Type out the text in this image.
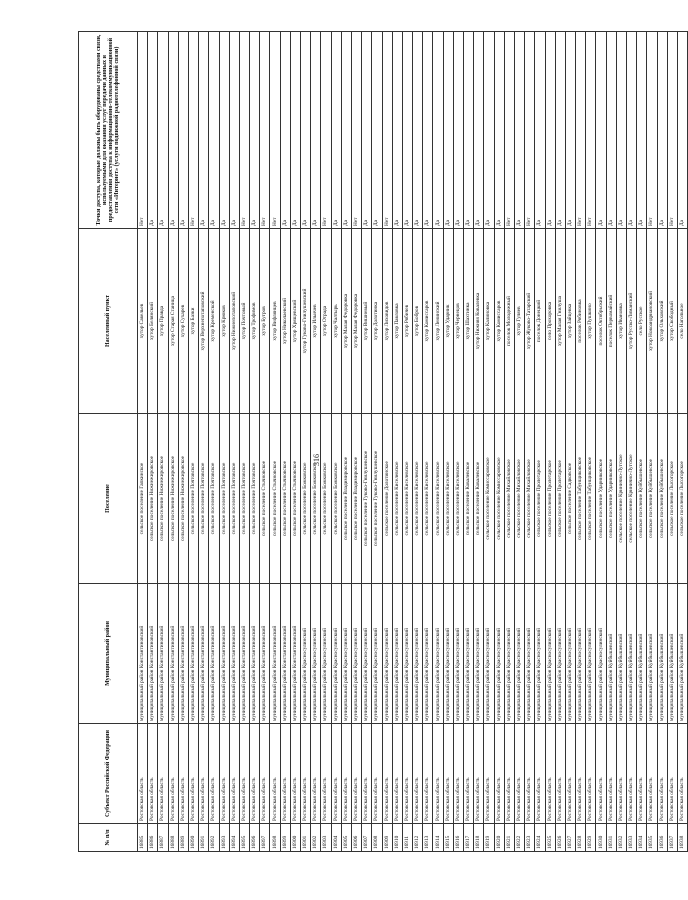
316
№ п/п	Субъект Российской Федерации	Муниципальный район	Поселение	Населенный пункт	Точки доступа, которые должны быть оборудованы средствами связи, используемыми для оказания услуг передачи данных и предоставления доступа к информационно-телекоммуникационной сети «Интернет» (услуги подвижной радиотелефонной связи)
16885	Ростовская область	муниципальный район Константиновский	сельское поселение Гапкинское	хутор Савельев	Нет
16886	Ростовская область	муниципальный район Константиновский	сельское поселение Нижнежировское	хутор Белянский	Да
16887	Ростовская область	муниципальный район Константиновский	сельское поселение Нижнежировское	хутор Правда	Да
16888	Ростовская область	муниципальный район Константиновский	сельское поселение Нижнежировское	хутор Старая Станица	Да
16889	Ростовская область	муниципальный район Константиновский	сельское поселение Нижнежировское	хутор Сухарев	Да
16890	Ростовская область	муниципальный район Константиновский	сельское поселение Почтовское	хутор Базки	Нет
16891	Ростовская область	муниципальный район Константиновский	сельское поселение Почтовское	хутор Верхнепотаповский	Да
16892	Ростовская область	муниципальный район Константиновский	сельское поселение Почтовское	хутор Кременской	Да
16893	Ростовская область	муниципальный район Константиновский	сельское поселение Почтовское	хутор Крюков	Да
16894	Ростовская область	муниципальный район Константиновский	сельское поселение Почтовское	хутор Нижнепотаповский	Да
16895	Ростовская область	муниципальный район Константиновский	сельское поселение Почтовское	хутор Почтовый	Нет
16896	Ростовская область	муниципальный район Константиновский	сельское поселение Почтовское	хутор Трофимов	Да
16897	Ростовская область	муниципальный район Константиновский	сельское поселение Стычновское	хутор Бугров	Нет
16898	Ростовская область	муниципальный район Константиновский	сельское поселение Стычновское	хутор Вифлянцев	Нет
16899	Ростовская область	муниципальный район Константиновский	сельское поселение Стычновское	хутор Николаевский	Да
16900	Ростовская область	муниципальный район Константиновский	сельское поселение Стычновское	хутор Хрящевский	Да
16901	Ростовская область	муниципальный район Красносулинский	сельское поселение Божковское	хутор Гуково-Гнилушевский	Да
16902	Ростовская область	муниципальный район Красносулинский	сельское поселение Божковское	хутор Ильичев	Да
16903	Ростовская область	муниципальный район Красносулинский	сельское поселение Божковское	хутор Отрада	Нет
16904	Ростовская область	муниципальный район Красносулинский	сельское поселение Божковское	хутор Чалтырь	Да
16905	Ростовская область	муниципальный район Красносулинский	сельское поселение Владимировское	хутор Малая Федоровка	Да
16906	Ростовская область	муниципальный район Красносулинский	сельское поселение Владимировское	хутор Малая Федоровка	Нет
16907	Ростовская область	муниципальный район Красносулинский	сельское поселение Гуково-Гнилушевское	хутор Вишневый	Да
16908	Ростовская область	муниципальный район Красносулинский	сельское поселение Гуково-Гнилушевское	хутор Долотинка	Да
16909	Ростовская область	муниципальный район Красносулинский	сельское поселение Долотинское	хутор Лиховидов	Нет
16910	Ростовская область	муниципальный район Красносулинский	сельское поселение Киселевское	хутор Павловка	Да
16911	Ростовская область	муниципальный район Красносулинский	сельское поселение Киселевское	хутор Рябичев	Да
16912	Ростовская область	муниципальный район Красносулинский	сельское поселение Киселевское	хутор Бобров	Да
16913	Ростовская область	муниципальный район Красносулинский	сельское поселение Киселевское	хутор Комиссаров	Да
16914	Ростовская область	муниципальный район Красносулинский	сельское поселение Киселевское	хутор Ленинский	Да
16915	Ростовская область	муниципальный район Красносулинский	сельское поселение Киселевское	хутор Ударник	Да
16916	Ростовская область	муниципальный район Красносулинский	сельское поселение Киселевское	хутор Чернецов	Да
16917	Ростовская область	муниципальный район Красносулинский	сельское поселение Ковалевское	хутор Шахтинка	Да
16918	Ростовская область	муниципальный район Красносулинский	сельское поселение Ковалевское	хутор Нижняя Ковалевка	Да
16919	Ростовская область	муниципальный район Красносулинский	сельское поселение Комиссаровское	хутор Калиновка	Да
16920	Ростовская область	муниципальный район Красносулинский	сельское поселение Комиссаровское	хутор Комиссаров	Да
16921	Ростовская область	муниципальный район Красносулинский	сельское поселение Михайловское	поселок Молодежный	Нет
16922	Ростовская область	муниципальный район Красносулинский	сельское поселение Михайловское	хутор Гуляев	Да
16923	Ростовская область	муниципальный район Красносулинский	сельское поселение Михайловское	хутор Жуково-Татарский	Нет
16924	Ростовская область	муниципальный район Красносулинский	сельское поселение Пролетарское	поселок Донецкий	Да
16925	Ростовская область	муниципальный район Красносулинский	сельское поселение Пролетарское	село Прохоровка	Да
16926	Ростовская область	муниципальный район Красносулинский	сельское поселение Пролетарское	хутор Малая Гнилуша	Да
16927	Ростовская область	муниципальный район Красносулинский	сельское поселение Садковское	хутор Зайцевка	Да
16928	Ростовская область	муниципальный район Красносулинский	сельское поселение Табунщиковское	поселок Рябиновка	Нет
16929	Ростовская область	муниципальный район Красносулинский	сельское поселение Табунщиковское	хутор Пушкино	Нет
16930	Ростовская область	муниципальный район Красносулинский	сельское поселение Ударниковское	поселок Октябрьский	Да
16931	Ростовская область	муниципальный район Куйбышевский	сельское поселение Ударниковское	поселок Первомайский	Да
16932	Ростовская область	муниципальный район Куйбышевский	сельское поселение Кринично-Лугское	хутор Ивановка	Да
16933	Ростовская область	муниципальный район Куйбышевский	сельское поселение Кринично-Лугское	хутор Русско-Лиманский	Да
16934	Ростовская область	муниципальный район Куйбышевский	сельское поселение Куйбышевское	село Русское	Да
16935	Ростовская область	муниципальный район Куйбышевский	сельское поселение Куйбышевское	хутор Новоандриановский	Нет
16936	Ростовская область	муниципальный район Куйбышевский	сельское поселение Куйбышевское	хутор Ольховский	Да
16937	Ростовская область	муниципальный район Куйбышевский	сельское поселение Лысогорское	хутор Свободный	Нет
16938	Ростовская область	муниципальный район Куйбышевский	сельское поселение Лысогорское	село Нагольное	Да
